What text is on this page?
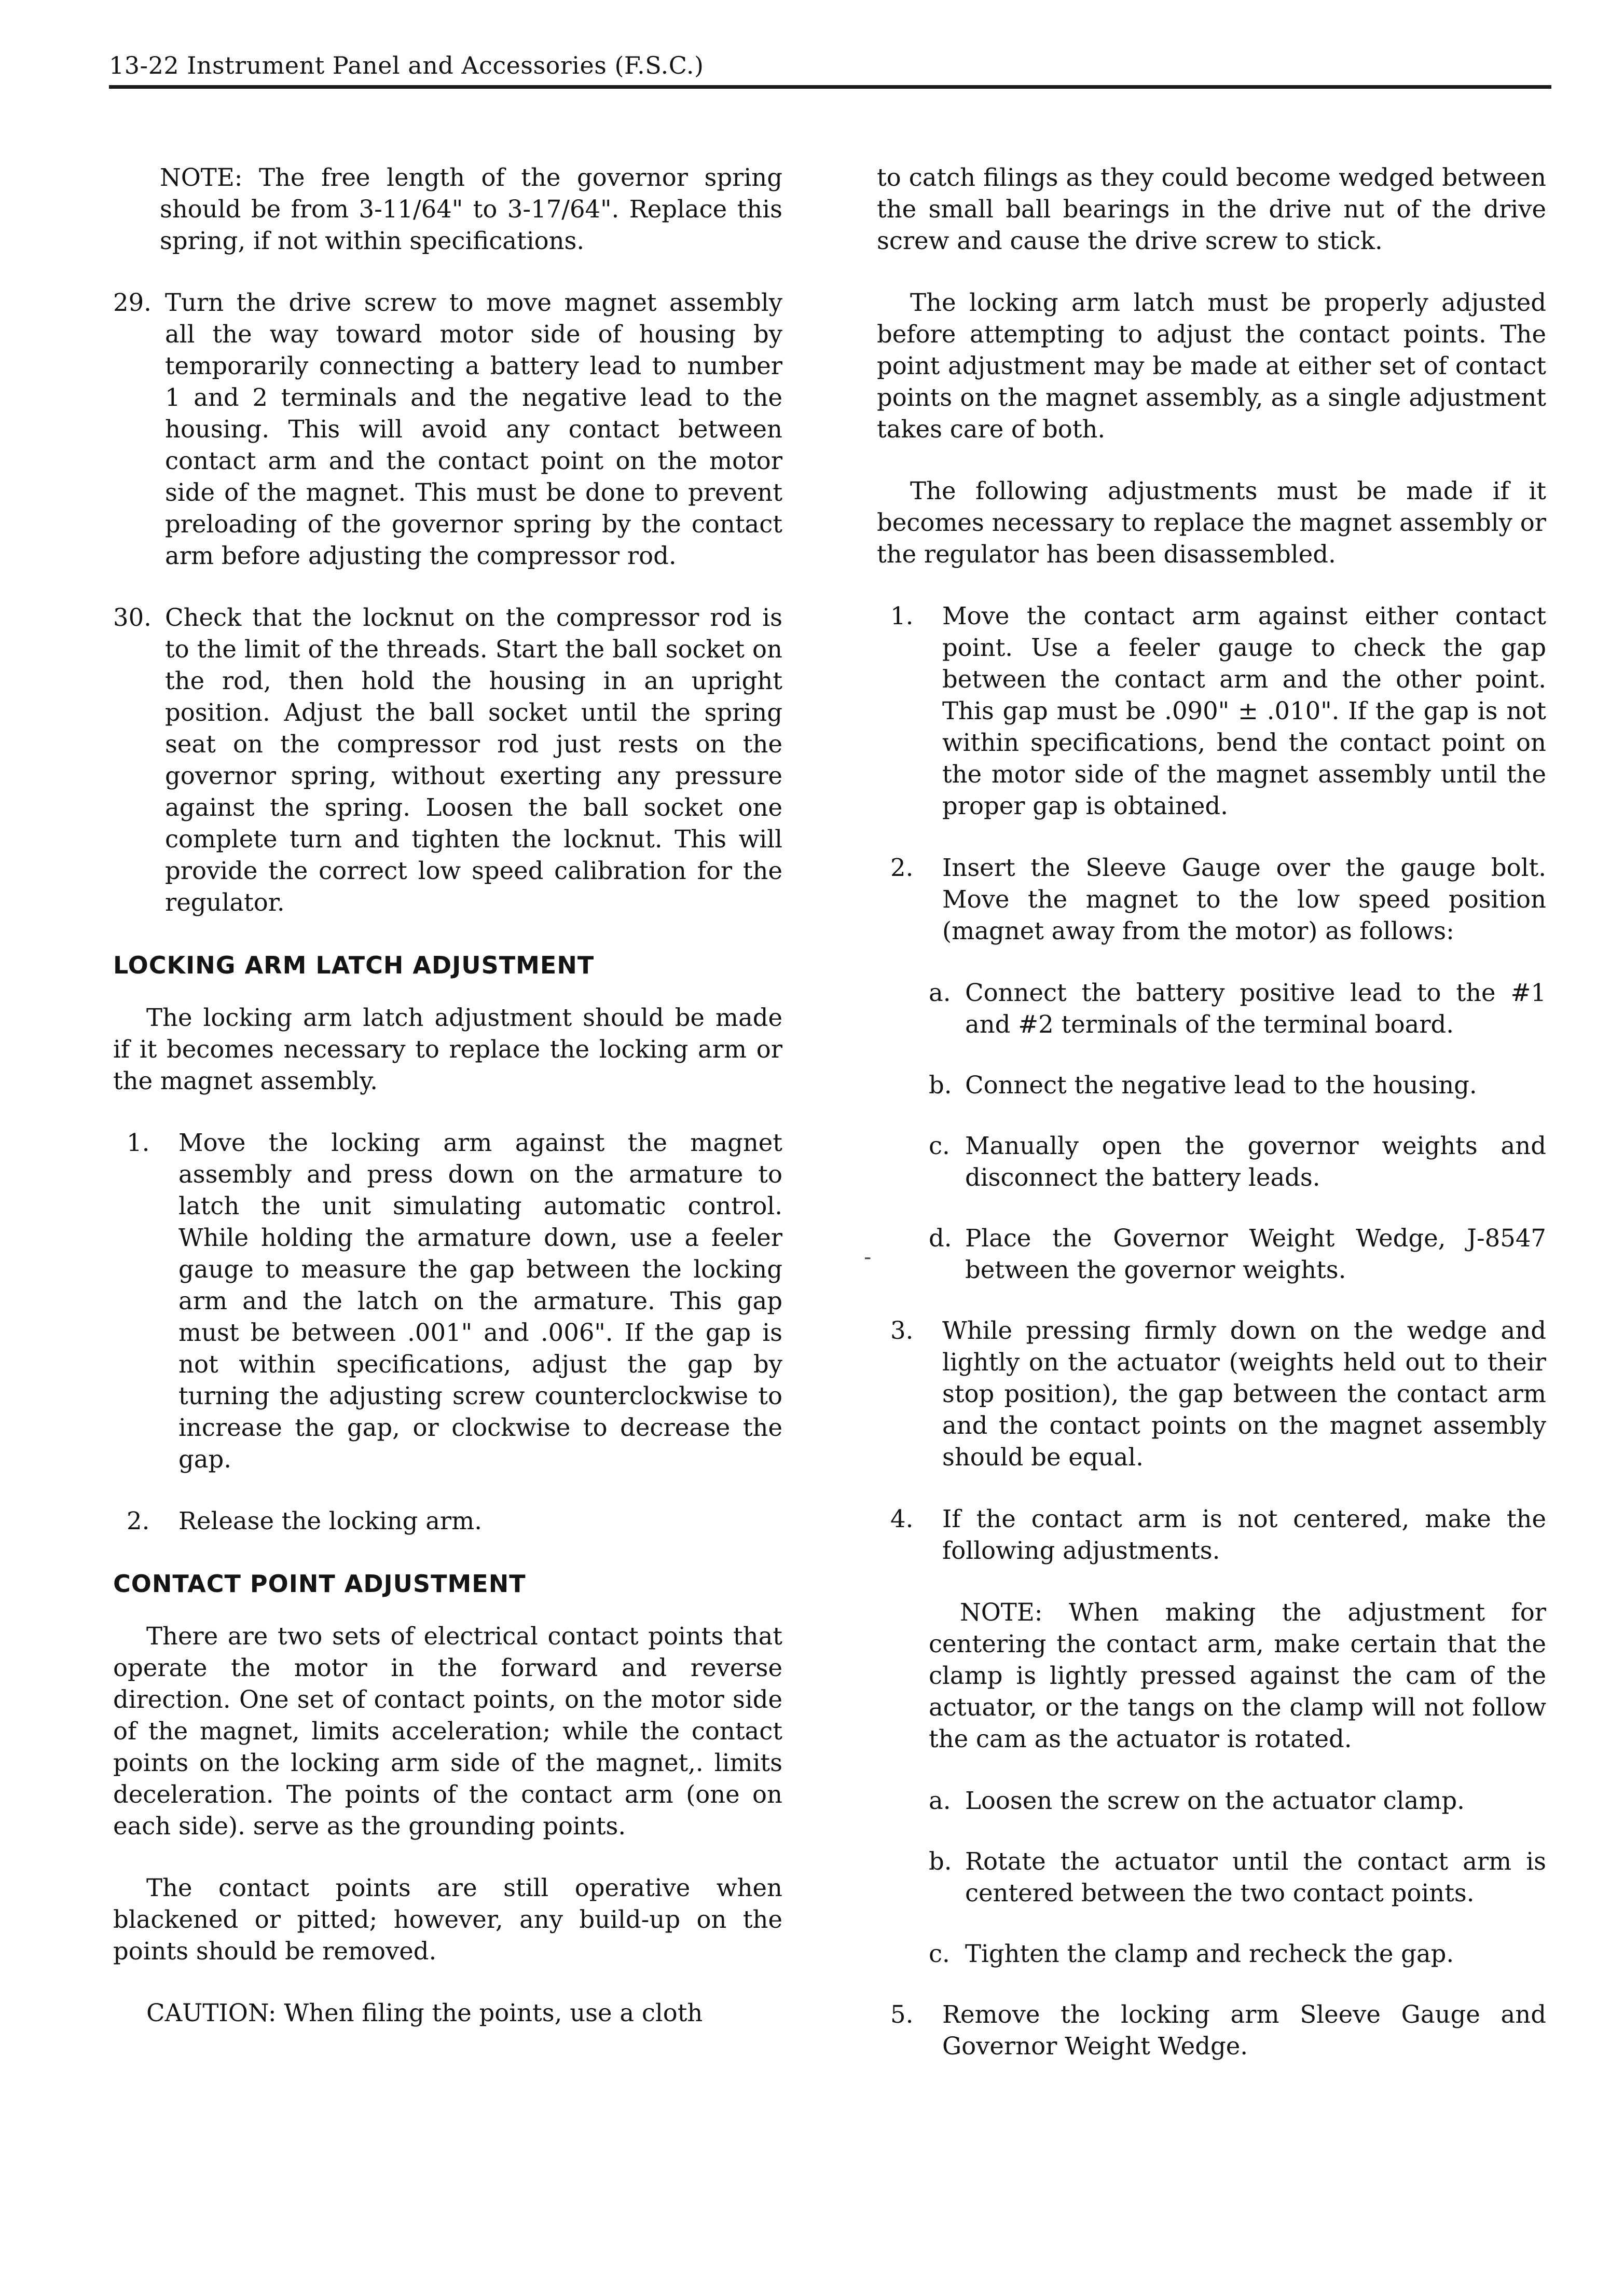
13-22 Instrument Panel and Accessories (F.S.C.)

NOTE: The free length of the governor spring should be from 3-11/64" to 3-17/64". Replace this spring, if not within specifications.

29. Turn the drive screw to move magnet assembly all the way toward motor side of housing by temporarily connecting a battery lead to number 1 and 2 terminals and the negative lead to the housing. This will avoid any contact between contact arm and the contact point on the motor side of the magnet. This must be done to prevent preloading of the governor spring by the contact arm before adjusting the compressor rod.
30. Check that the locknut on the compressor rod is to the limit of the threads. Start the ball socket on the rod, then hold the housing in an upright position. Adjust the ball socket until the spring seat on the compressor rod just rests on the governor spring, without exerting any pressure against the spring. Loosen the ball socket one complete turn and tighten the locknut. This will provide the correct low speed calibration for the regulator.
LOCKING ARM LATCH ADJUSTMENT

The locking arm latch adjustment should be made if it becomes necessary to replace the locking arm or the magnet assembly.

1.	Move the locking arm against the magnet assembly and press down on the armature to latch the unit simulating automatic control. While holding the armature down, use a feeler gauge to measure the gap between the locking arm and the latch on the armature. This gap must be between .001" and .006". If the gap is not within specifications, adjust the gap by turning the adjusting screw counterclockwise to increase the gap, or clockwise to decrease the gap.
2.	Release the locking arm.
CONTACT POINT ADJUSTMENT

There are two sets of electrical contact points that operate the motor in the forward and reverse direction. One set of contact points, on the motor side of the magnet, limits acceleration; while the contact points on the locking arm side of the magnet,. limits deceleration. The points of the contact arm (one on each side). serve as the grounding points.

The contact points are still operative when blackened or pitted; however, any build-up on the points should be removed.

CAUTION: When filing the points, use a cloth

to catch filings as they could become wedged between the small ball bearings in the drive nut of the drive screw and cause the drive screw to stick.

The locking arm latch must be properly adjusted before attempting to adjust the contact points. The point adjustment may be made at either set of contact points on the magnet assembly, as a single adjustment takes care of both.

The following adjustments must be made if it becomes necessary to replace the magnet assembly or the regulator has been disassembled.

1.	Move the contact arm against either contact point. Use a feeler gauge to check the gap between the contact arm and the other point. This gap must be .090" ± .010". If the gap is not within specifications, bend the contact point on the motor side of the magnet assembly until the proper gap is obtained.
2.	Insert the Sleeve Gauge over the gauge bolt. Move the magnet to the low speed position (magnet away from the motor) as follows:
a. Connect the battery positive lead to the #1 and #2 terminals of the terminal board.
b. Connect the negative lead to the housing.
c. Manually open the governor weights and disconnect the battery leads.
d. Place the Governor Weight Wedge, J-8547 between the governor weights.
3.	While pressing firmly down on the wedge and lightly on the actuator (weights held out to their stop position), the gap between the contact arm and the contact points on the magnet assembly should be equal.
4.	If the contact arm is not centered, make the following adjustments.

NOTE: When making the adjustment for centering the contact arm, make certain that the clamp is lightly pressed against the cam of the actuator, or the tangs on the clamp will not follow the cam as the actuator is rotated.

a. Loosen the screw on the actuator clamp.
b. Rotate the actuator until the contact arm is centered between the two contact points.
c. Tighten the clamp and recheck the gap.
5.	Remove the locking arm Sleeve Gauge and Governor Weight Wedge.
-
